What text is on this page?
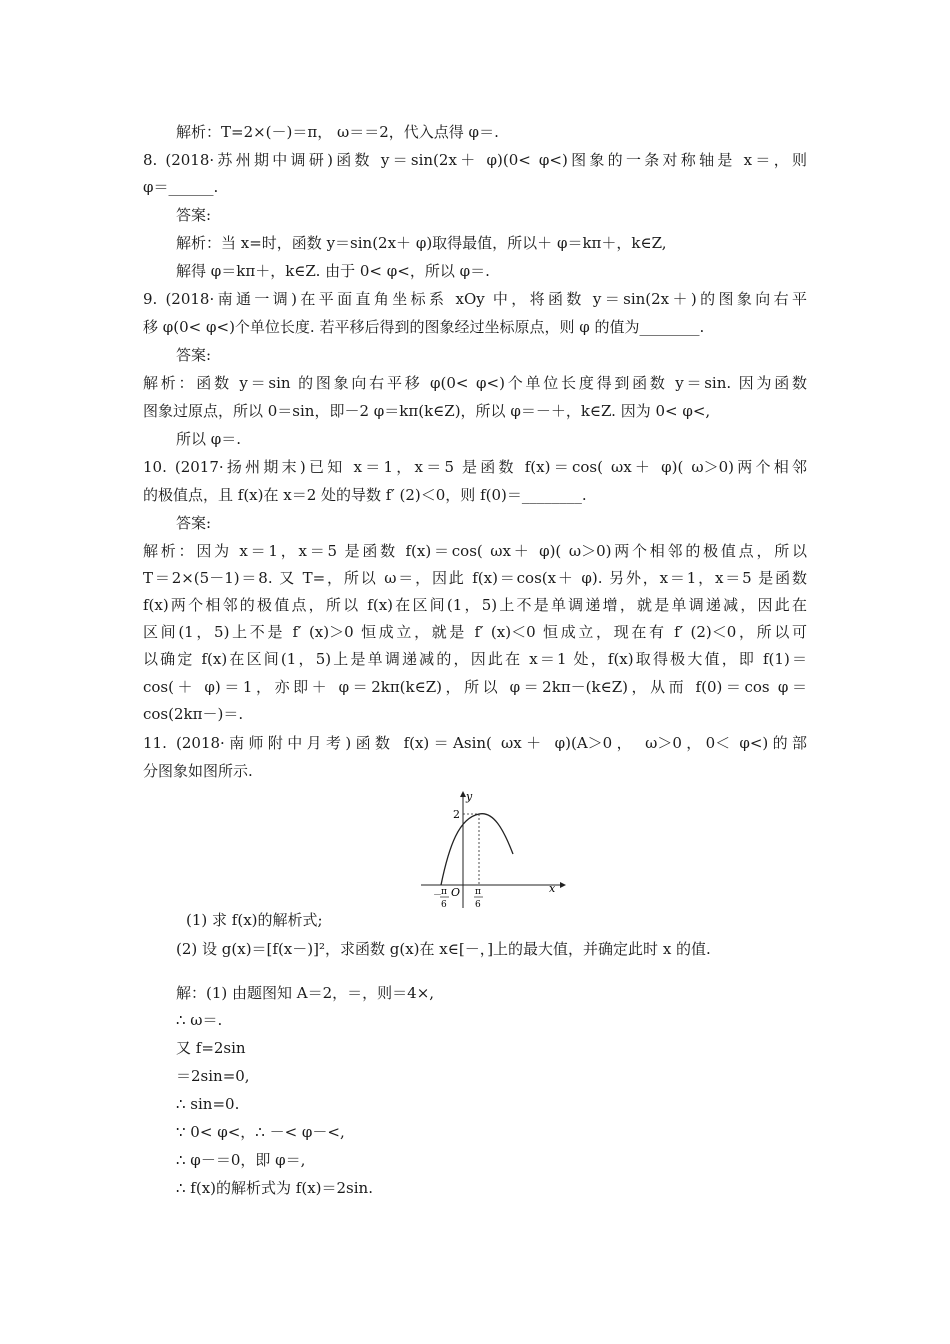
解析：T=2×(－)＝π， ω＝＝2，代入点得 φ＝.
8. (2018·苏州期中调研)函数 y＝sin(2x＋ φ)(0< φ<)图象的一条对称轴是 x＝，则
φ＝______.
答案:
解析：当 x=时，函数 y＝sin(2x＋ φ)取得最值，所以＋ φ＝kπ＋，k∈Z,
解得 φ＝kπ＋，k∈Z. 由于 0< φ<，所以 φ＝.
9. (2018·南通一调)在平面直角坐标系 xOy 中，将函数 y＝sin(2x＋)的图象向右平
移 φ(0< φ<)个单位长度. 若平移后得到的图象经过坐标原点，则 φ 的值为________.
答案:
解析：函数 y＝sin 的图象向右平移 φ(0< φ<)个单位长度得到函数 y＝sin. 因为函数
图象过原点，所以 0＝sin，即－2 φ＝kπ(k∈Z)，所以 φ＝－＋，k∈Z. 因为 0< φ<,
所以 φ＝.
10. (2017·扬州期末)已知 x＝1，x＝5 是函数 f(x)＝cos( ωx＋ φ)( ω＞0)两个相邻
的极值点，且 f(x)在 x＝2 处的导数 f′ (2)＜0，则 f(0)＝________.
答案:
解析：因为 x＝1，x＝5 是函数 f(x)＝cos( ωx＋ φ)( ω＞0)两个相邻的极值点，所以
T＝2×(5－1)＝8. 又 T=，所以 ω＝，因此 f(x)＝cos(x＋ φ). 另外，x＝1，x＝5 是函数
f(x)两个相邻的极值点，所以 f(x)在区间(1，5)上不是单调递增，就是单调递减，因此在
区间(1，5)上不是 f′ (x)＞0 恒成立，就是 f′ (x)＜0 恒成立，现在有 f′ (2)＜0，所以可
以确定 f(x)在区间(1，5)上是单调递减的，因此在 x＝1 处，f(x)取得极大值，即 f(1)＝
cos(＋ φ)＝1，亦即＋ φ＝2kπ(k∈Z)，所以 φ＝2kπ－(k∈Z)，从而 f(0)＝cos φ＝
cos(2kπ－)＝.
11. (2018·南师附中月考)函数 f(x)＝Asin( ωx＋ φ)(A＞0， ω＞0，0＜ φ<)的部
分图象如图所示.
y
x
2
O
－
π
6
π
6
(1) 求 f(x)的解析式;
(2) 设 g(x)＝[f(x－)]²，求函数 g(x)在 x∈[－，]上的最大值，并确定此时 x 的值.
解：(1) 由题图知 A＝2，＝，则＝4×,
∴ ω＝.
又 f=2sin
＝2sin=0,
∴ sin=0.
∵ 0< φ<，∴ －< φ－<,
∴ φ－＝0，即 φ＝,
∴ f(x)的解析式为 f(x)＝2sin.
